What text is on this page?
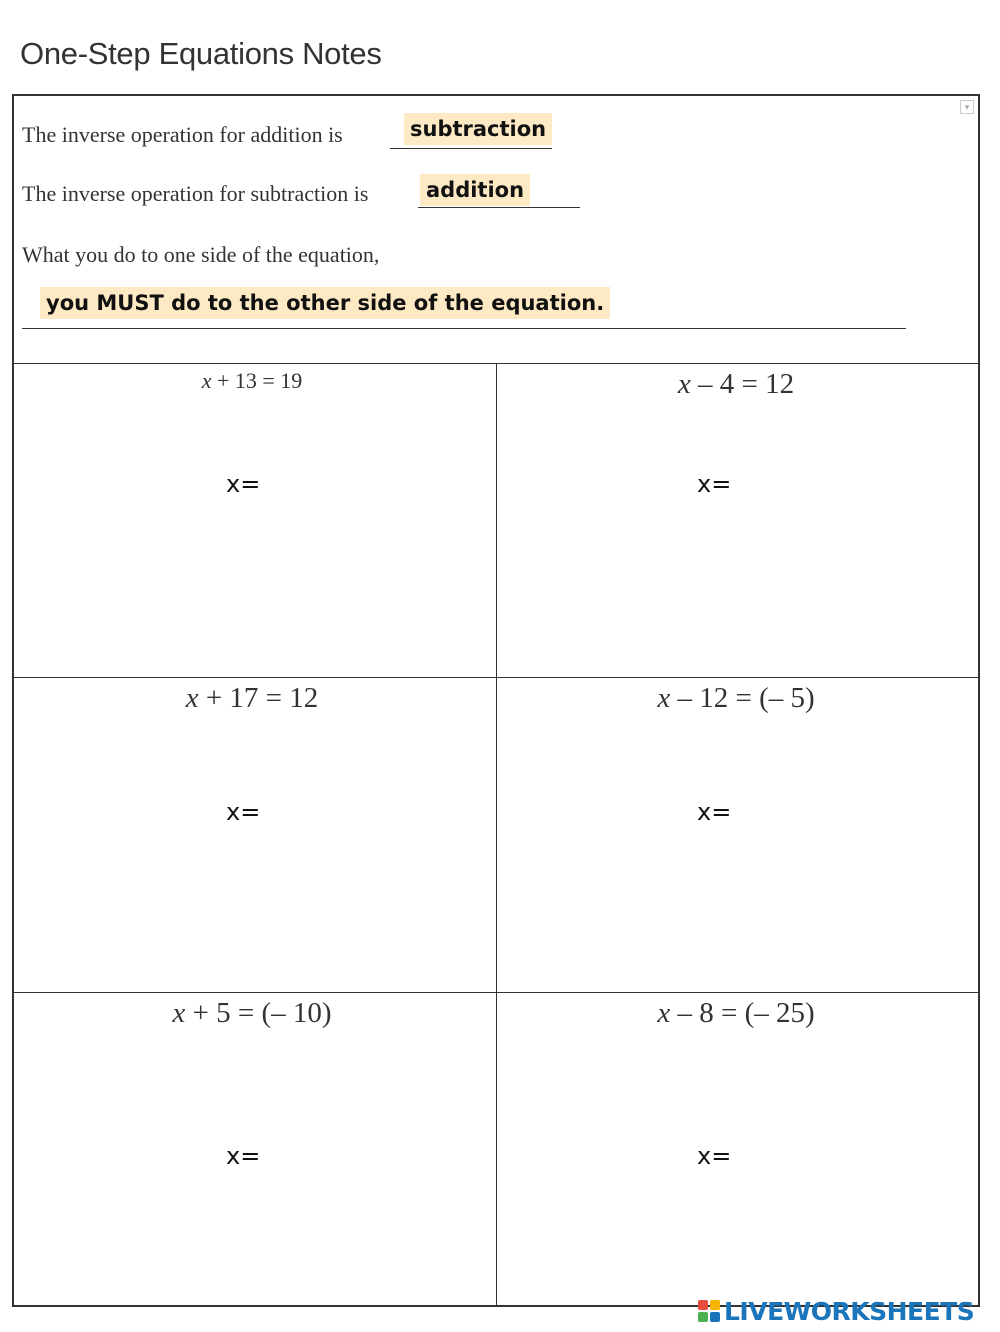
One-Step Equations Notes
▾
The inverse operation for addition is	subtraction
The inverse operation for subtraction is	addition
What you do to one side of the equation,
you MUST do to the other side of the equation.
x + 13 = 19
x=
x – 4 = 12
x=
x + 17 = 12
x=
x – 12 = (– 5)
x=
x + 5 = (– 10)
x=
x – 8 = (– 25)
x=
LIVEWORKSHEETS
